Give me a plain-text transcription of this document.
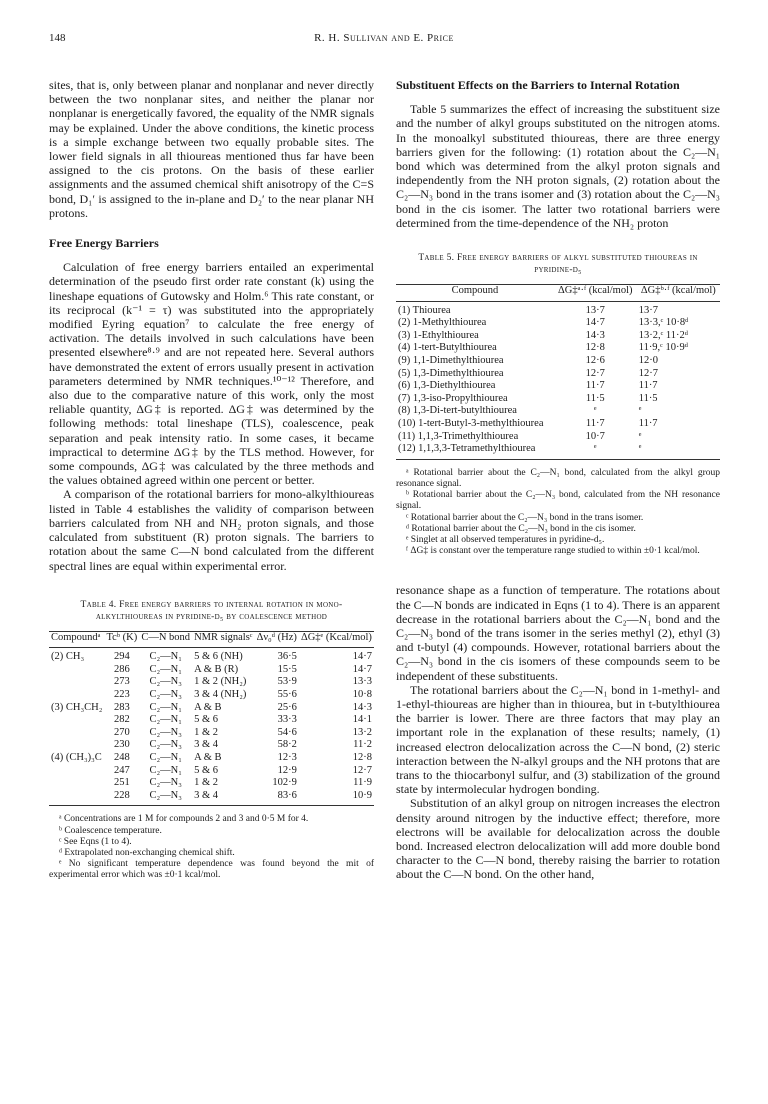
148	R. H. Sullivan and E. Price

sites, that is, only between planar and nonplanar and never directly between the two nonplanar sites, and neither the planar nor nonplanar is energetically favored, the equality of the NMR signals may be explained. Under the above conditions, the kinetic process is a simple exchange between two equally probable sites. The lower field signals in all thioureas mentioned thus far have been assigned to the cis protons. On the basis of these earlier assignments and the assumed chemical shift anisotropy of the C=S bond, D₁′ is assigned to the in-plane and D₂′ to the near planar NH protons.

Free Energy Barriers

Calculation of free energy barriers entailed an experimental determination of the pseudo first order rate constant (k) using the lineshape equations of Gutowsky and Holm.⁶ This rate constant, or its reciprocal (k⁻¹ = τ) was substituted into the appropriately modified Eyring equation⁷ to calculate the free energy of activation. The details involved in such calculations have been presented elsewhere⁸·⁹ and are not repeated here. Several authors have demonstrated the extent of errors usually present in activation parameters determined by NMR techniques.¹⁰⁻¹² Therefore, and also due to the comparative nature of this work, only the most reliable quantity, ΔG‡ is reported. ΔG‡ was determined by the following methods: total lineshape (TLS), coalescence, peak separation and peak intensity ratio. In some cases, it became impractical to determine ΔG‡ by the TLS method. However, for some compounds, ΔG‡ was calculated by the three methods and the values obtained agreed within one percent or better.

A comparison of the rotational barriers for mono-alkylthioureas listed in Table 4 establishes the validity of comparison between barriers calculated from NH and NH₂ proton signals, and those calculated from substituent (R) proton signals. The barriers to rotation about the same C—N bond calculated from the different spectral lines are equal within experimental error.

Table 4. Free energy barriers to internal rotation in mono-alkylthioureas in pyridine-d₅ by coalescence method
Compoundᵃ	Tcᵇ (K)	C—N bond	NMR signalsᶜ	Δν₀ᵈ (Hz)	ΔG‡ᵉ (Kcal/mol)
(2) CH₃	294	C₂—N₁	5 & 6 (NH)	36·5	14·7
	286	C₂—N₁	A & B (R)	15·5	14·7
	273	C₂—N₃	1 & 2 (NH₂)	53·9	13·3
	223	C₂—N₃	3 & 4 (NH₂)	55·6	10·8
(3) CH₃CH₂	283	C₂—N₁	A & B	25·6	14·3
	282	C₂—N₁	5 & 6	33·3	14·1
	270	C₂—N₃	1 & 2	54·6	13·2
	230	C₂—N₃	3 & 4	58·2	11·2
(4) (CH₃)₃C	248	C₂—N₁	A & B	12·3	12·8
	247	C₂—N₁	5 & 6	12·9	12·7
	251	C₂—N₃	1 & 2	102·9	11·9
	228	C₂—N₃	3 & 4	83·6	10·9
ᵃ Concentrations are 1 M for compounds 2 and 3 and 0·5 M for 4.
ᵇ Coalescence temperature.
ᶜ See Eqns (1 to 4).
ᵈ Extrapolated non-exchanging chemical shift.
ᵉ No significant temperature dependence was found beyond the mit of experimental error which was ±0·1 kcal/mol.
Substituent Effects on the Barriers to Internal Rotation

Table 5 summarizes the effect of increasing the substituent size and the number of alkyl groups substituted on the nitrogen atoms. In the monoalkyl substituted thioureas, there are three energy barriers given for the following: (1) rotation about the C₂—N₁ bond which was determined from the alkyl proton signals and independently from the NH proton signals, (2) rotation about the C₂—N₃ bond in the trans isomer and (3) rotation about the C₂—N₃ bond in the cis isomer. The latter two rotational barriers were determined from the time-dependence of the NH₂ proton

Table 5. Free energy barriers of alkyl substituted thioureas in pyridine-d₅
Compound	ΔG‡ᵃ·ᶠ (kcal/mol)	ΔG‡ᵇ·ᶠ (kcal/mol)
(1) Thiourea	13·7	13·7
(2) 1-Methylthiourea	14·7	13·3,ᶜ 10·8ᵈ
(3) 1-Ethylthiourea	14·3	13·2,ᶜ 11·2ᵈ
(4) 1-tert-Butylthiourea	12·8	11·9,ᶜ 10·9ᵈ
(9) 1,1-Dimethylthiourea	12·6	12·0
(5) 1,3-Dimethylthiourea	12·7	12·7
(6) 1,3-Diethylthiourea	11·7	11·7
(7) 1,3-iso-Propylthiourea	11·5	11·5
(8) 1,3-Di-tert-butylthiourea	ᵉ	ᵉ
(10) 1-tert-Butyl-3-methylthiourea	11·7	11·7
(11) 1,1,3-Trimethylthiourea	10·7	ᵉ
(12) 1,1,3,3-Tetramethylthiourea	ᵉ	ᵉ
ᵃ Rotational barrier about the C₂—N₁ bond, calculated from the alkyl group resonance signal.
ᵇ Rotational barrier about the C₂—N₃ bond, calculated from the NH resonance signal.
ᶜ Rotational barrier about the C₂—N₃ bond in the trans isomer.
ᵈ Rotational barrier about the C₂—N₃ bond in the cis isomer.
ᵉ Singlet at all observed temperatures in pyridine-d₅.
ᶠ ΔG‡ is constant over the temperature range studied to within ±0·1 kcal/mol.

resonance shape as a function of temperature. The rotations about the C—N bonds are indicated in Eqns (1 to 4). There is an apparent decrease in the rotational barriers about the C₂—N₁ bond and the C₂—N₃ bond of the trans isomer in the series methyl (2), ethyl (3) and t-butyl (4) compounds. However, rotational barriers about the C₂—N₃ bond in the cis isomers of these compounds seem to be independent of these substituents.

The rotational barriers about the C₂—N₁ bond in 1-methyl- and 1-ethyl-thioureas are higher than in thiourea, but in t-butylthiourea the barrier is lower. There are three factors that may play an important role in the explanation of these results; namely, (1) increased electron delocalization across the C—N bond, (2) steric interaction between the N-alkyl groups and the NH protons that are trans to the thiocarbonyl sulfur, and (3) stabilization of the ground state by intermolecular hydrogen bonding.

Substitution of an alkyl group on nitrogen increases the electron density around nitrogen by the inductive effect; therefore, more electrons will be available for delocalization across the double bond. Increased electron delocalization will add more double bond character to the C—N bond, thereby raising the barrier to rotation about the C—N bond. On the other hand,
